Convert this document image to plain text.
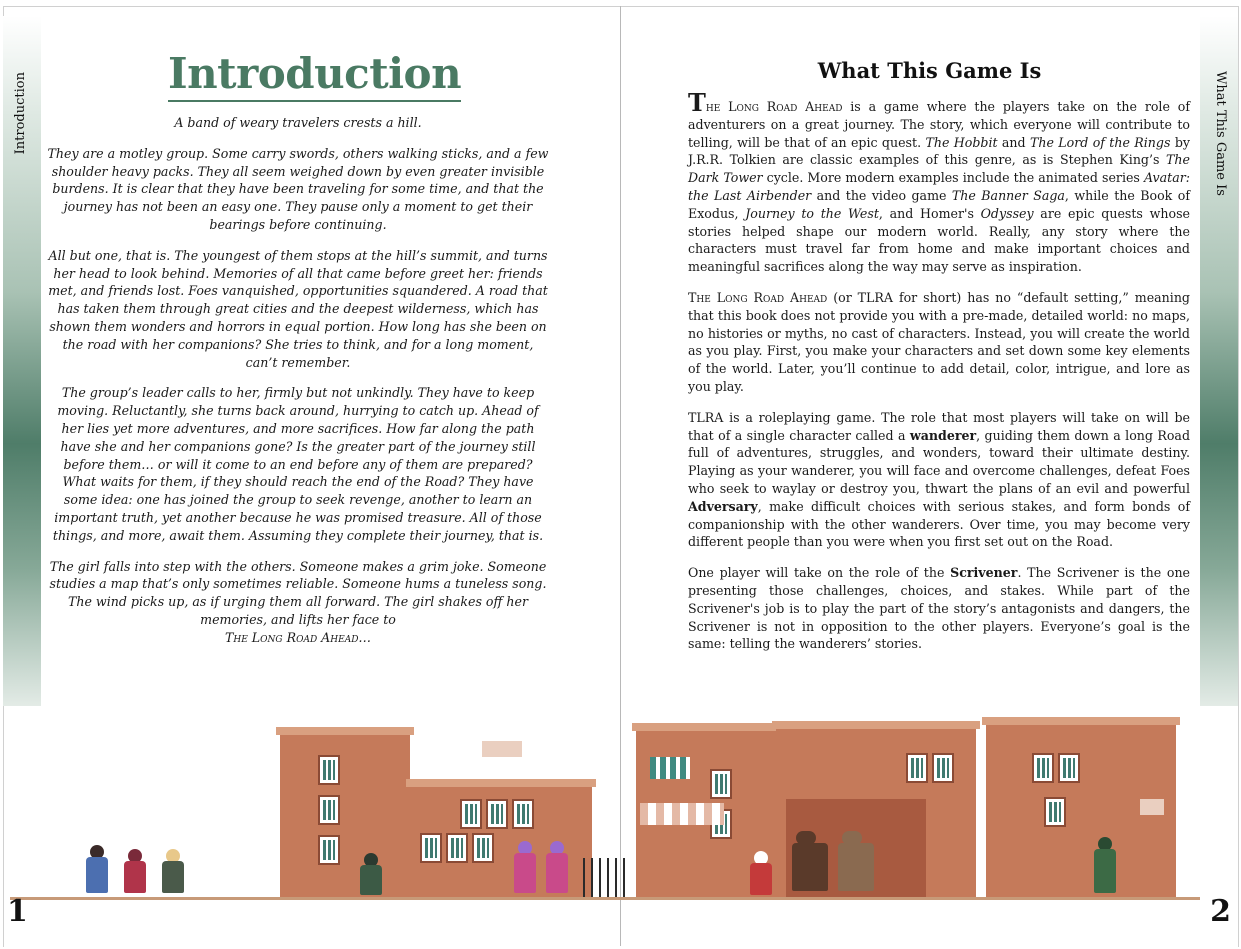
Introduction	What This Game Is
Introduction

A band of weary travelers crests a hill.

They are a motley group. Some carry swords, others walking sticks, and a few shoulder heavy packs. They all seem weighed down by even greater invisible burdens. It is clear that they have been traveling for some time, and that the journey has not been an easy one. They pause only a moment to get their bearings before continuing.

All but one, that is. The youngest of them stops at the hill’s summit, and turns her head to look behind. Memories of all that came before greet her: friends met, and friends lost. Foes vanquished, opportunities squandered. A road that has taken them through great cities and the deepest wilderness, which has shown them wonders and horrors in equal portion. How long has she been on the road with her companions? She tries to think, and for a long moment, can’t remember.

The group’s leader calls to her, firmly but not unkindly. They have to keep moving. Reluctantly, she turns back around, hurrying to catch up. Ahead of her lies yet more adventures, and more sacrifices. How far along the path have she and her companions gone? Is the greater part of the journey still before them… or will it come to an end before any of them are prepared? What waits for them, if they should reach the end of the Road? They have some idea: one has joined the group to seek revenge, another to learn an important truth, yet another because he was promised treasure. All of those things, and more, await them. Assuming they complete their journey, that is.

The girl falls into step with the others. Someone makes a grim joke. Someone studies a map that’s only sometimes reliable. Someone hums a tuneless song. The wind picks up, as if urging them all forward. The girl shakes off her memories, and lifts her face to
The Long Road Ahead…

What This Game Is

The Long Road Ahead is a game where the players take on the role of adventurers on a great journey. The story, which everyone will contribute to telling, will be that of an epic quest. The Hobbit and The Lord of the Rings by J.R.R. Tolkien are classic examples of this genre, as is Stephen King’s The Dark Tower cycle. More modern examples include the animated series Avatar: the Last Airbender and the video game The Banner Saga, while the Book of Exodus, Journey to the West, and Homer's Odyssey are epic quests whose stories helped shape our modern world. Really, any story where the characters must travel far from home and make important choices and meaningful sacrifices along the way may serve as inspiration.

The Long Road Ahead (or TLRA for short) has no “default setting,” meaning that this book does not provide you with a pre-made, detailed world: no maps, no histories or myths, no cast of characters. Instead, you will create the world as you play. First, you make your characters and set down some key elements of the world. Later, you’ll continue to add detail, color, intrigue, and lore as you play.

TLRA is a roleplaying game. The role that most players will take on will be that of a single character called a wanderer, guiding them down a long Road full of adventures, struggles, and wonders, toward their ultimate destiny. Playing as your wanderer, you will face and overcome challenges, defeat Foes who seek to waylay or destroy you, thwart the plans of an evil and powerful Adversary, make difficult choices with serious stakes, and form bonds of companionship with the other wanderers. Over time, you may become very different people than you were when you first set out on the Road.

One player will take on the role of the Scrivener. The Scrivener is the one presenting those challenges, choices, and stakes. While part of the Scrivener's job is to play the part of the story’s antagonists and dangers, the Scrivener is not in opposition to the other players. Everyone’s goal is the same: telling the wanderers’ stories.

1	2
